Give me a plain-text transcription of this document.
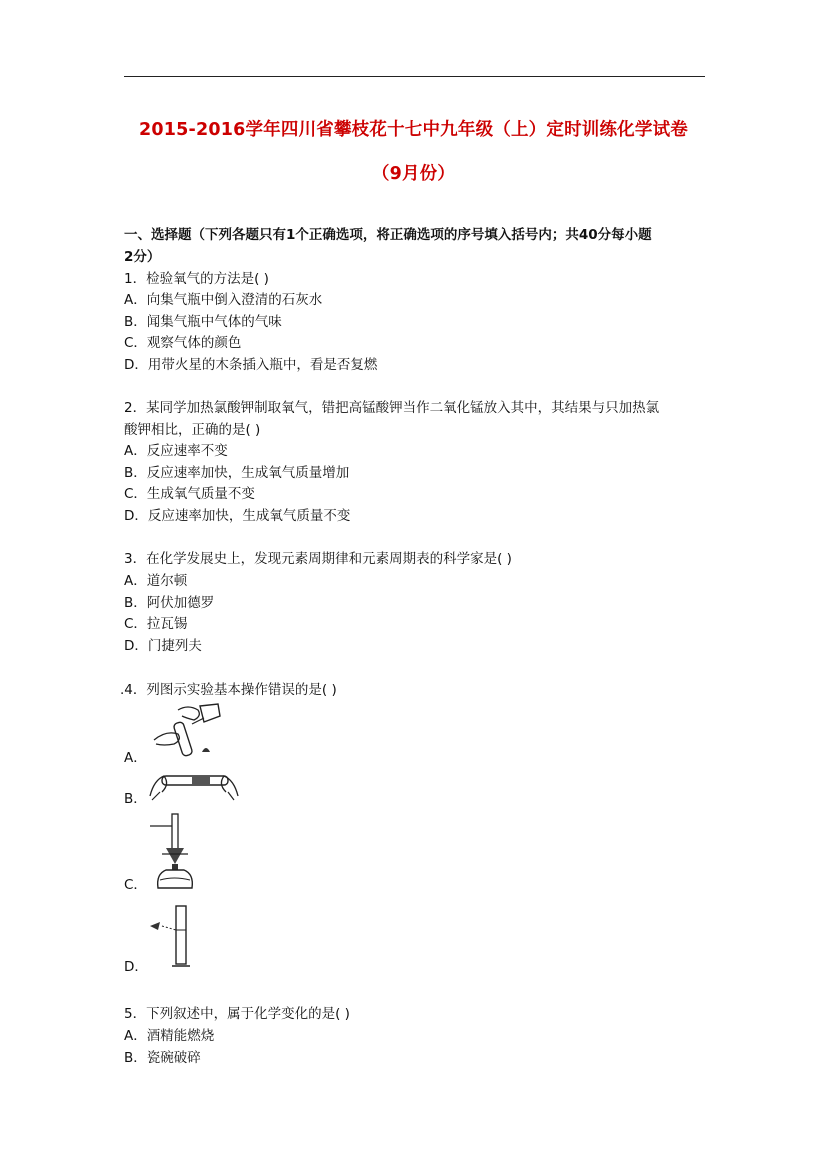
2015-2016学年四川省攀枝花十七中九年级（上）定时训练化学试卷
（9月份）
一、选择题（下列各题只有1个正确选项，将正确选项的序号填入括号内；共40分每小题
2分）
1．检验氧气的方法是( )
A．向集气瓶中倒入澄清的石灰水
B．闻集气瓶中气体的气味
C．观察气体的颜色
D．用带火星的木条插入瓶中，看是否复燃
2．某同学加热氯酸钾制取氧气，错把高锰酸钾当作二氧化锰放入其中，其结果与只加热氯
酸钾相比，正确的是( )
A．反应速率不变
B．反应速率加快，生成氧气质量增加
C．生成氧气质量不变
D．反应速率加快，生成氧气质量不变
3．在化学发展史上，发现元素周期律和元素周期表的科学家是( )
A．道尔顿
B．阿伏加德罗
C．拉瓦锡
D．门捷列夫
.4．列图示实验基本操作错误的是( )
A．
B．
C．
D．
5．下列叙述中，属于化学变化的是( )
A．酒精能燃烧
B．瓷碗破碎
